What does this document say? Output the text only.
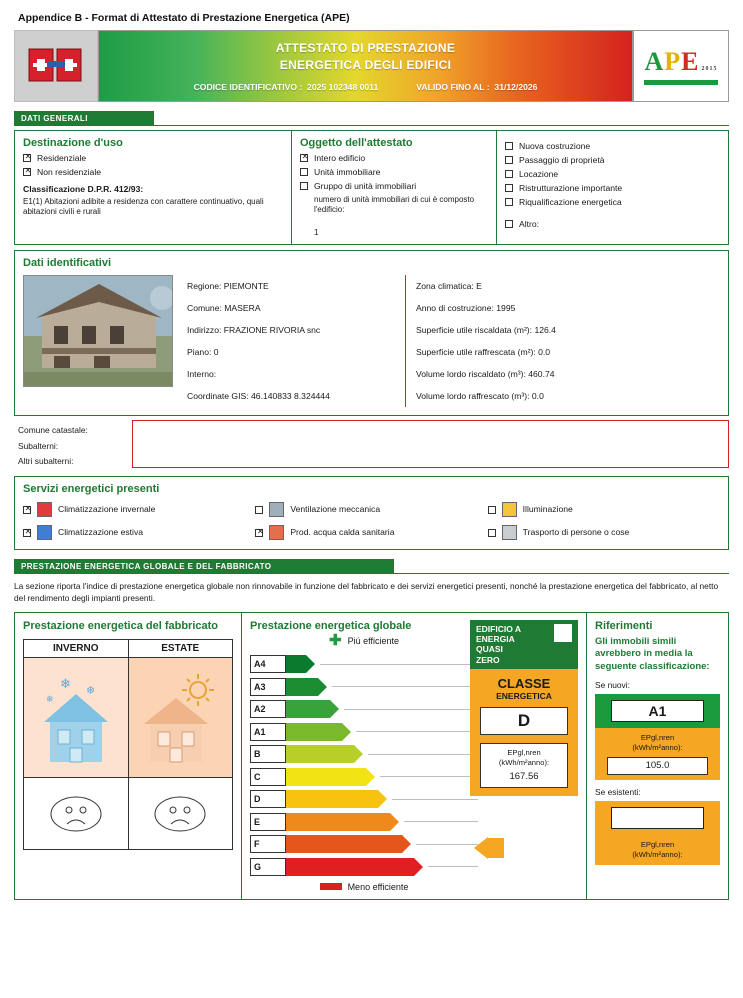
Appendice B - Format di Attestato di Prestazione Energetica (APE)
ATTESTATO DI PRESTAZIONE
ENERGETICA DEGLI EDIFICI
CODICE IDENTIFICATIVO : 2025 102348 0011	VALIDO FINO AL : 31/12/2026
APE 2015
DATI GENERALI
Destinazione d'uso
✕
Residenziale
✕
Non residenziale
Classificazione D.P.R. 412/93:
E1(1) Abitazioni adibite a residenza con carattere continuativo, quali abitazioni civili e rurali
Oggetto dell'attestato
✕
Intero edificio
Unità immobiliare
Gruppo di unità immobiliari
numero di unità immobiliari di cui è composto l'edificio:
1
Nuova costruzione
Passaggio di proprietà
Locazione
Ristrutturazione importante
Riqualificazione energetica
Altro:
Dati identificativi
Regione: PIEMONTE
Comune: MASERA
Indirizzo: FRAZIONE RIVORIA snc
Piano: 0
Interno:
Coordinate GIS: 46.140833 8.324444
Zona climatica: E
Anno di costruzione: 1995
Superficie utile riscaldata (m²): 126.4
Superficie utile raffrescata (m²): 0.0
Volume lordo riscaldato (m³): 460.74
Volume lordo raffrescato (m³): 0.0
Comune catastale:
Subalterni:
Altri subalterni:
Servizi energetici presenti
✕
Climatizzazione invernale	Ventilazione meccanica	Illuminazione
✕
Climatizzazione estiva ✕	Prod. acqua calda sanitaria	Trasporto di persone o cose
PRESTAZIONE ENERGETICA GLOBALE E DEL FABBRICATO
La sezione riporta l'indice di prestazione energetica globale non rinnovabile in funzione del fabbricato e dei servizi energetici presenti, nonché la prestazione energetica del fabbricato, al netto del rendimento degli impianti presenti.
Prestazione energetica del fabbricato
INVERNO	ESTATE
❄ ❄
❄
Prestazione energetica globale	EDIFICIO A
ENERGIA
QUASI
ZERO
CLASSE
ENERGETICA
D
EPgl,nren
(kWh/m²anno):
167.56
✚ Piú efficiente
A4
A3
A2
A1
B
C
D
E
F
G
Meno efficiente
Riferimenti
Gli immobili simili avrebbero in media la seguente classificazione:
Se nuovi:
A1
EPgl,nren
(kWh/m²anno):
105.0
Se esistenti:
EPgl,nren
(kWh/m²anno):
